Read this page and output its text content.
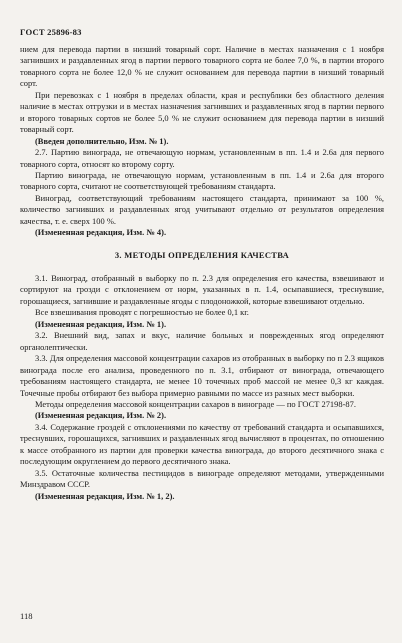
ГОСТ 25896-83

нием для перевода партии в низший товарный сорт. Наличие в местах назначения с 1 ноября загнивших и раздавленных ягод в партии первого товарного сорта не более 7,0 %, в партии второго товарного сорта не более 12,0 % не служит основанием для перевода партии в низший товарный сорт.

При перевозках с 1 ноября в пределах области, края и республики без областного деления наличие в местах отгрузки и в местах назначения загнивших и раздавленных ягод в партии первого и второго товарных сортов не более 5,0 % не служит основанием для перевода партии в низший товарный сорт.

(Введен дополнительно, Изм. № 1).

2.7. Партию винограда, не отвечающую нормам, установленным в пп. 1.4 и 2.6а для первого товарного сорта, относят ко второму сорту.

Партию винограда, не отвечающую нормам, установленным в пп. 1.4 и 2.6а для второго товарного сорта, считают не соответствующей требованиям стандарта.

Виноград, соответствующий требованиям настоящего стандарта, принимают за 100 %, количество загнивших и раздавленных ягод учитывают отдельно от результатов определения качества, т. е. сверх 100 %.

(Измененная редакция, Изм. № 4).

3. МЕТОДЫ ОПРЕДЕЛЕНИЯ КАЧЕСТВА

3.1. Виноград, отобранный в выборку по п. 2.3 для определения его качества, взвешивают и сортируют на грозди с отклонением от норм, указанных в п. 1.4, осыпавшиеся, треснувшие, горошащиеся, загнившие и раздавленные ягоды с плодоножкой, которые взвешивают отдельно.

Все взвешивания проводят с погрешностью не более 0,1 кг.

(Измененная редакция, Изм. № 1).

3.2. Внешний вид, запах и вкус, наличие больных и поврежденных ягод определяют органолептически.

3.3. Для определения массовой концентрации сахаров из отобранных в выборку по п 2.3 ящиков винограда после его анализа, проведенного по п. 3.1, отбирают от винограда, отвечающего требованиям настоящего стандарта, не менее 10 точечных проб массой не менее 0,3 кг каждая. Точечные пробы отбирают без выбора примерно равными по массе из разных мест выборки.

Методы определения массовой концентрации сахаров в винограде — по ГОСТ 27198-87.

(Измененная редакция, Изм. № 2).

3.4. Содержание гроздей с отклонениями по качеству от требований стандарта и осыпавшихся, треснувших, горошащихся, загнивших и раздавленных ягод вычисляют в процентах, по отношению к массе отобранного из партии для проверки качества винограда, до второго десятичного знака с последующим округлением до первого десятичного знака.

3.5. Остаточные количества пестицидов в винограде определяют методами, утвержденными Минздравом СССР.

(Измененная редакция, Изм. № 1, 2).

118
